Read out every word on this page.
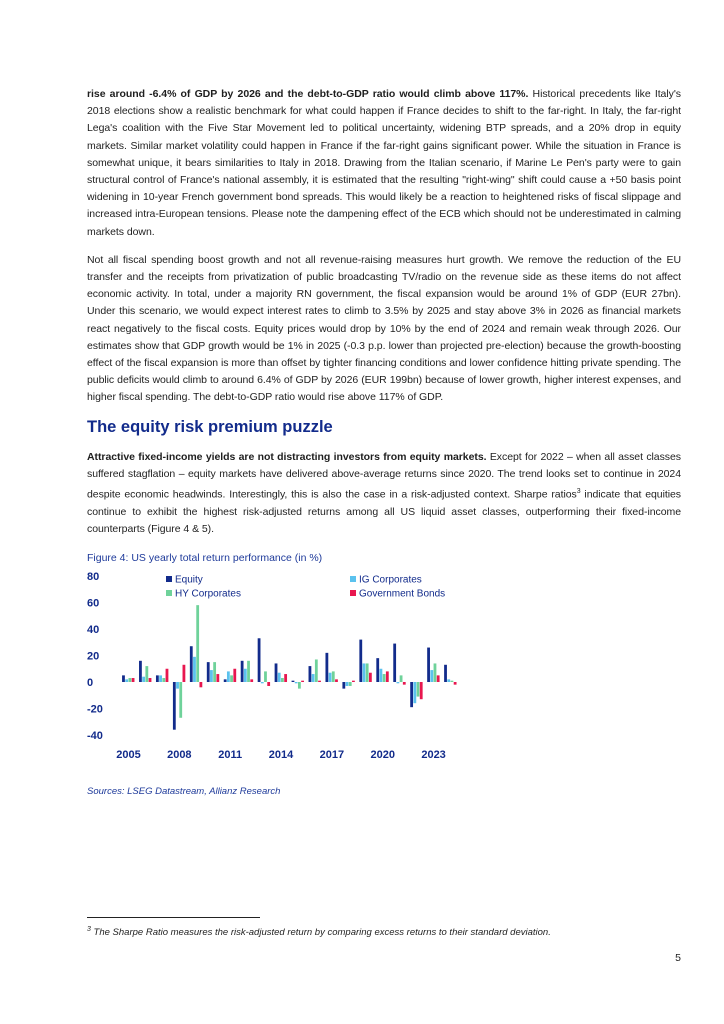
rise around -6.4% of GDP by 2026 and the debt-to-GDP ratio would climb above 117%. Historical precedents like Italy's 2018 elections show a realistic benchmark for what could happen if France decides to shift to the far-right. In Italy, the far-right Lega's coalition with the Five Star Movement led to political uncertainty, widening BTP spreads, and a 20% drop in equity markets. Similar market volatility could happen in France if the far-right gains significant power. While the situation in France is somewhat unique, it bears similarities to Italy in 2018. Drawing from the Italian scenario, if Marine Le Pen's party were to gain structural control of France's national assembly, it is estimated that the resulting "right-wing" shift could cause a +50 basis point widening in 10-year French government bond spreads. This would likely be a reaction to heightened risks of fiscal slippage and increased intra-European tensions. Please note the dampening effect of the ECB which should not be underestimated in calming markets down.

Not all fiscal spending boost growth and not all revenue-raising measures hurt growth. We remove the reduction of the EU transfer and the receipts from privatization of public broadcasting TV/radio on the revenue side as these items do not affect economic activity. In total, under a majority RN government, the fiscal expansion would be around 1% of GDP (EUR 27bn). Under this scenario, we would expect interest rates to climb to 3.5% by 2025 and stay above 3% in 2026 as financial markets react negatively to the fiscal costs. Equity prices would drop by 10% by the end of 2024 and remain weak through 2026. Our estimates show that GDP growth would be 1% in 2025 (-0.3 p.p. lower than projected pre-election) because the growth-boosting effect of the fiscal expansion is more than offset by tighter financing conditions and lower confidence hitting private spending. The public deficits would climb to around 6.4% of GDP by 2026 (EUR 199bn) because of lower growth, higher interest expenses, and higher fiscal spending. The debt-to-GDP ratio would rise above 117% of GDP.

The equity risk premium puzzle

Attractive fixed-income yields are not distracting investors from equity markets. Except for 2022 – when all asset classes suffered stagflation – equity markets have delivered above-average returns since 2020. The trend looks set to continue in 2024 despite economic headwinds. Interestingly, this is also the case in a risk-adjusted context. Sharpe ratios$^3$ indicate that equities continue to exhibit the highest risk-adjusted returns among all US liquid asset classes, outperforming their fixed-income counterparts (Figure 4 & 5).

Figure 4: US yearly total return performance (in %)
80
60
40
20
0
-20
-40
2005 2008 2011 2014 2017 2020 2023
Equity	IG Corporates
HY Corporates	Government Bonds
Sources: LSEG Datastream, Allianz Research
$^3$ The Sharpe Ratio measures the risk-adjusted return by comparing excess returns to their standard deviation.
5
